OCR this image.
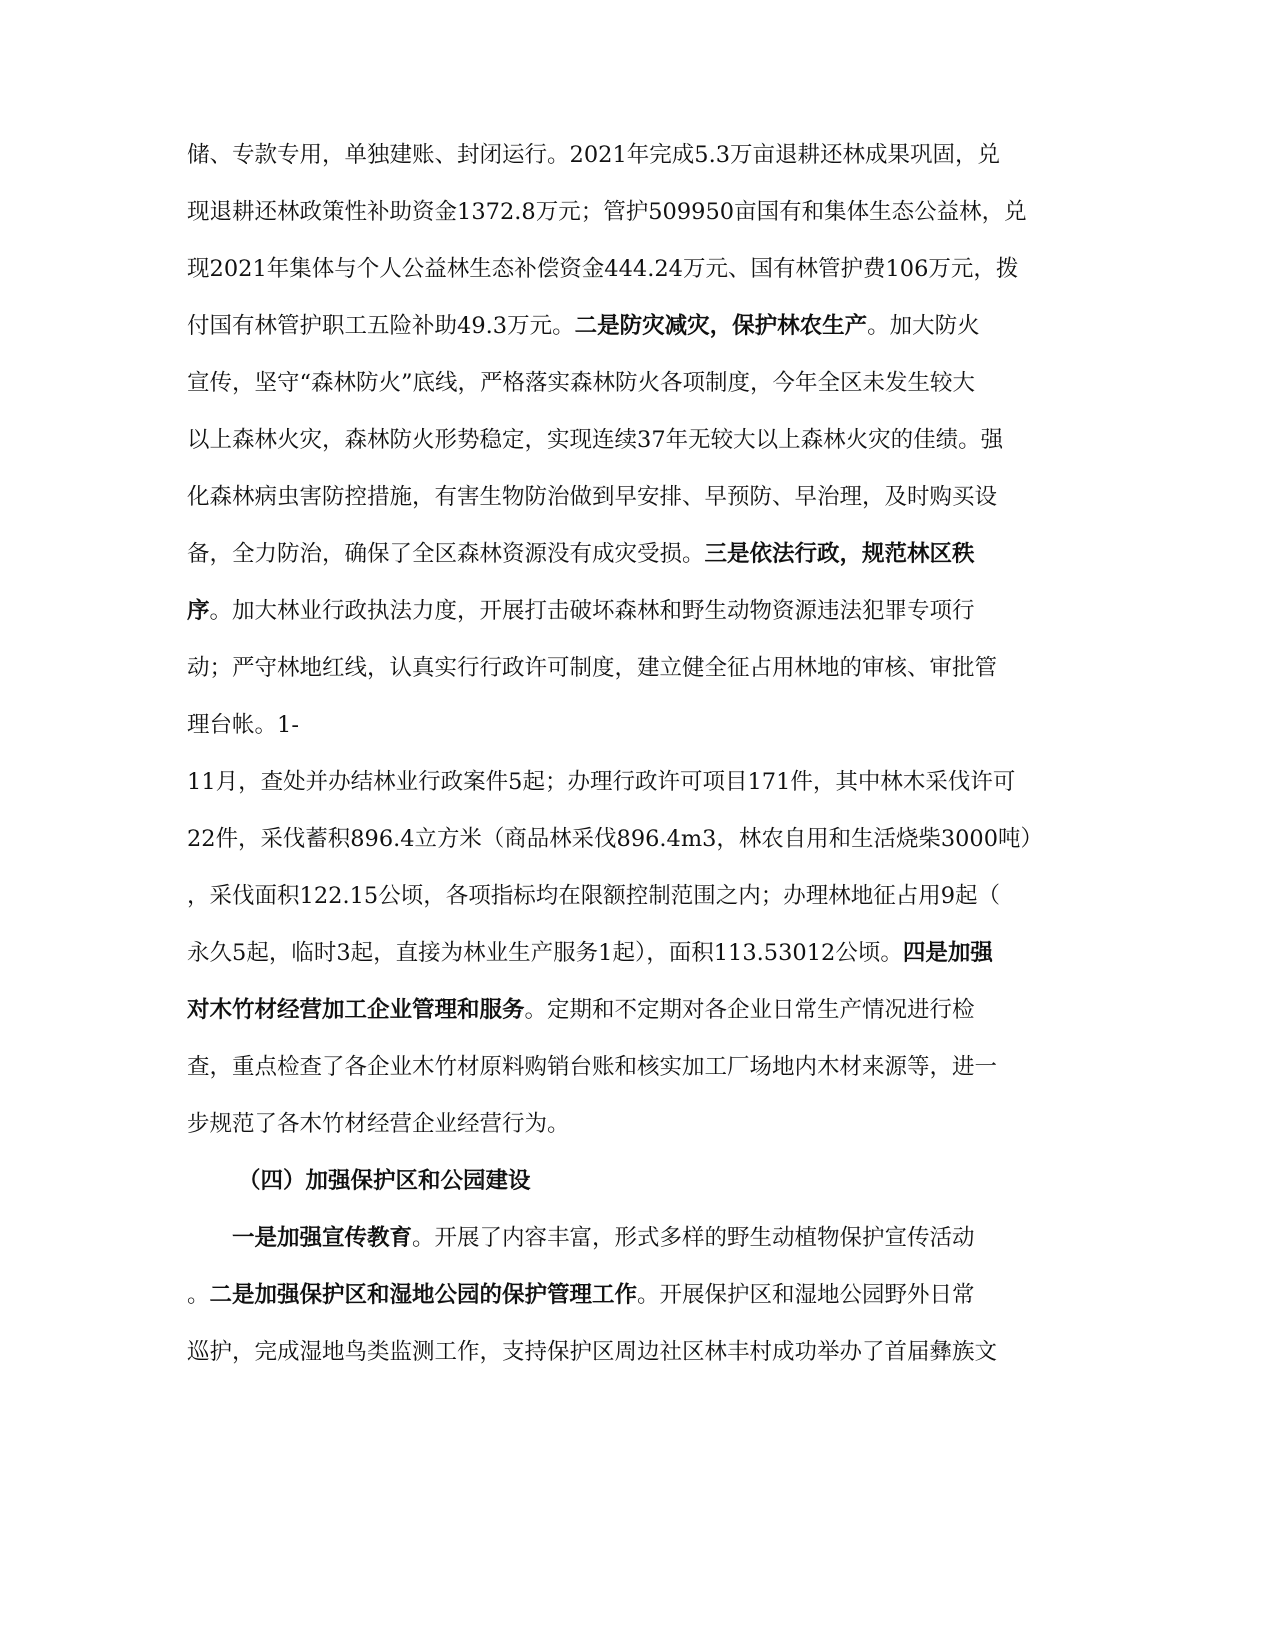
储、专款专用，单独建账、封闭运行。2021年完成5.3万亩退耕还林成果巩固，兑
现退耕还林政策性补助资金1372.8万元；管护509950亩国有和集体生态公益林，兑
现2021年集体与个人公益林生态补偿资金444.24万元、国有林管护费106万元，拨
付国有林管护职工五险补助49.3万元。二是防灾减灾，保护林农生产。加大防火
宣传，坚守“森林防火”底线，严格落实森林防火各项制度，今年全区未发生较大
以上森林火灾，森林防火形势稳定，实现连续37年无较大以上森林火灾的佳绩。强
化森林病虫害防控措施，有害生物防治做到早安排、早预防、早治理，及时购买设
备，全力防治，确保了全区森林资源没有成灾受损。三是依法行政，规范林区秩
序。加大林业行政执法力度，开展打击破坏森林和野生动物资源违法犯罪专项行
动；严守林地红线，认真实行行政许可制度，建立健全征占用林地的审核、审批管
理台帐。1-
11月，查处并办结林业行政案件5起；办理行政许可项目171件，其中林木采伐许可
22件，采伐蓄积896.4立方米（商品林采伐896.4m3，林农自用和生活烧柴3000吨）
，采伐面积122.15公顷，各项指标均在限额控制范围之内；办理林地征占用9起（
永久5起，临时3起，直接为林业生产服务1起），面积113.53012公顷。四是加强
对木竹材经营加工企业管理和服务。定期和不定期对各企业日常生产情况进行检
查，重点检查了各企业木竹材原料购销台账和核实加工厂场地内木材来源等，进一
步规范了各木竹材经营企业经营行为。
（四）加强保护区和公园建设
一是加强宣传教育。开展了内容丰富，形式多样的野生动植物保护宣传活动
。二是加强保护区和湿地公园的保护管理工作。开展保护区和湿地公园野外日常
巡护，完成湿地鸟类监测工作，支持保护区周边社区林丰村成功举办了首届彝族文
